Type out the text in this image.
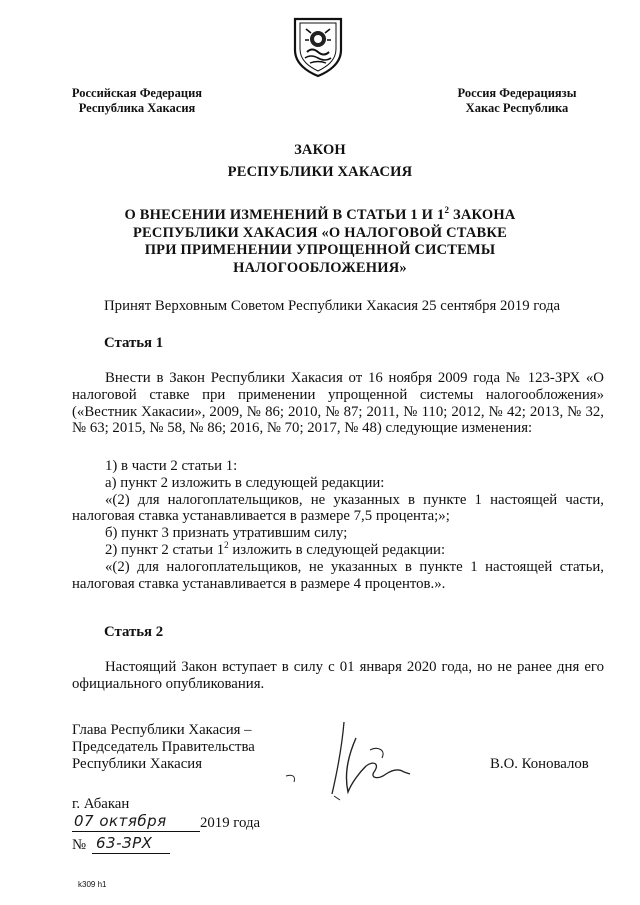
Российская Федерация
Республика Хакасия
Россия Федерациязы
Хакас Республика
ЗАКОН
РЕСПУБЛИКИ ХАКАСИЯ
О ВНЕСЕНИИ ИЗМЕНЕНИЙ В СТАТЬИ 1 И $1^2$ ЗАКОНА
РЕСПУБЛИКИ ХАКАСИЯ «О НАЛОГОВОЙ СТАВКЕ
ПРИ ПРИМЕНЕНИИ УПРОЩЕННОЙ СИСТЕМЫ
НАЛОГООБЛОЖЕНИЯ»
Принят Верховным Советом Республики Хакасия 25 сентября 2019 года
Статья 1
Внести в Закон Республики Хакасия от 16 ноября 2009 года № 123-ЗРХ «О налоговой ставке при применении упрощенной системы налогообложения» («Вестник Хакасии», 2009, № 86; 2010, № 87; 2011, № 110; 2012, № 42; 2013, № 32, № 63; 2015, № 58, № 86; 2016, № 70; 2017, № 48) следующие изменения:
1) в части 2 статьи 1:
а) пункт 2 изложить в следующей редакции:
«(2) для налогоплательщиков, не указанных в пункте 1 настоящей части, налоговая ставка устанавливается в размере 7,5 процента;»;
б) пункт 3 признать утратившим силу;
2) пункт 2 статьи $1^2$ изложить в следующей редакции:
«(2) для налогоплательщиков, не указанных в пункте 1 настоящей статьи, налоговая ставка устанавливается в размере 4 процентов.».
Статья 2
Настоящий Закон вступает в силу с 01 января 2020 года, но не ранее дня его официального опубликования.
Глава Республики Хакасия –
Председатель Правительства
Республики Хакасия	В.О. Коновалов
г. Абакан
07 октября 2019 года
№ 63-ЗРХ
k309 h1
